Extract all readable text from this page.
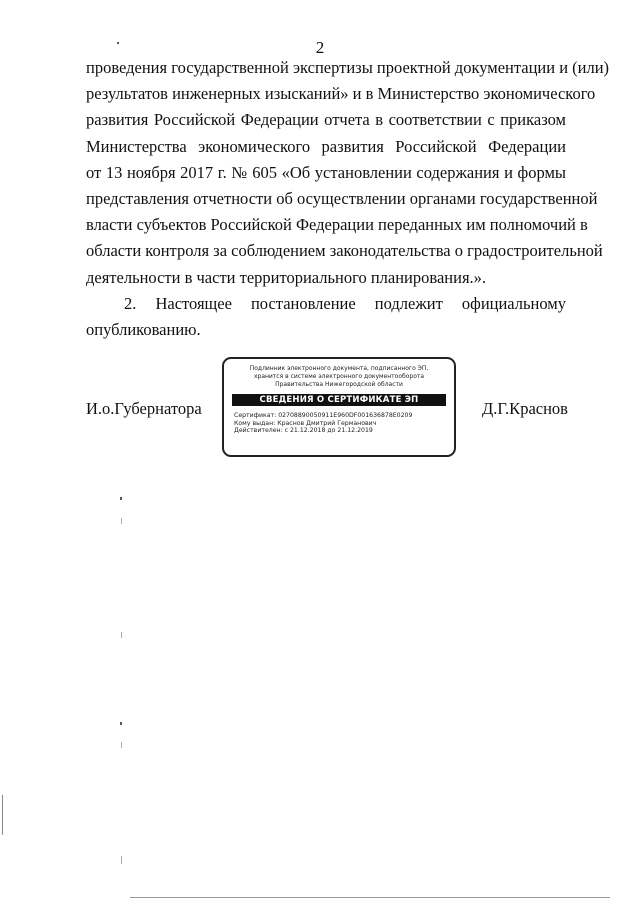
2
проведения государственной экспертизы проектной документации и (или)
результатов инженерных изысканий» и в Министерство экономического
развития Российской Федерации отчета в соответствии с приказом
Министерства экономического развития Российской Федерации
от 13 ноября 2017 г. № 605 «Об установлении содержания и формы
представления отчетности об осуществлении органами государственной
власти субъектов Российской Федерации переданных им полномочий в
области контроля за соблюдением законодательства о градостроительной
деятельности в части территориального планирования.».
2. Настоящее постановление подлежит официальному
опубликованию.
И.о.Губернатора
Подлинник электронного документа, подписанного ЭП,
хранится в системе электронного документооборота
Правительства Нижегородской области
СВЕДЕНИЯ О СЕРТИФИКАТЕ ЭП
Сертификат: 02708890050911E960DF001636878E0209
Кому выдан: Краснов Дмитрий Германович
Действителен: с 21.12.2018 до 21.12.2019
Д.Г.Краснов
